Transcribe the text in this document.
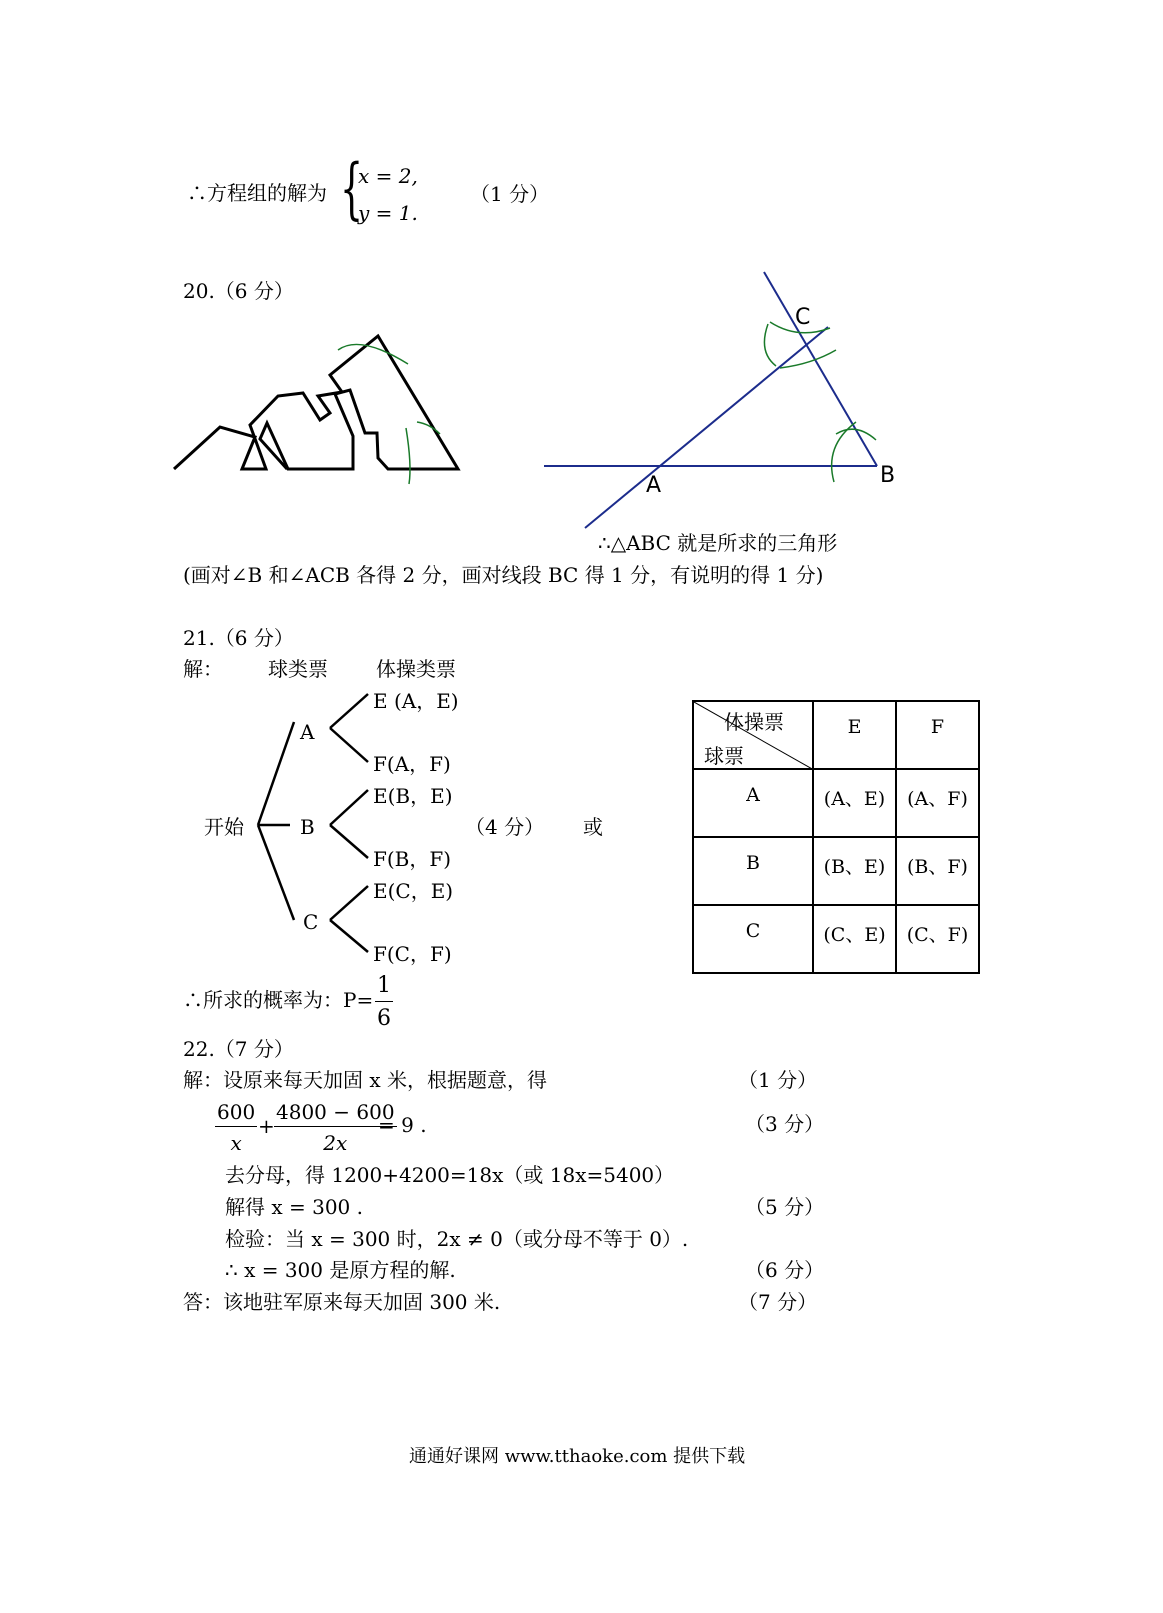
∴方程组的解为 {
x = 2,
y = 1.
（1 分）
20.（6 分）
C
A	B
∴△ABC 就是所求的三角形
(画对∠B 和∠ACB 各得 2 分，画对线段 BC 得 1 分，有说明的得 1 分)
21.（6 分）
解： 球类票 体操类票
开始
A
E (A，E)
F(A，F)
B
E(B，E)
F(B，F)
C
E(C，E)
F(C，F)
（4 分） 或
体操票
球票	E	F
A	(A、E)	(A、F)
B	(B、E)	(B、F)
C	(C、E)	(C、F)
∴所求的概率为：$P= \frac{1}{6}$
22.（7 分）
解：设原来每天加固 x 米，根据题意，得	（1 分）
$\frac{600}{x} + \frac{4800 - 600}{2x}$
= 9 .	（3 分）
去分母，得 1200+4200=18x（或 18x=5400）
解得 x = 300 .	（5 分）
检验：当 x = 300 时，2x ≠ 0（或分母不等于 0）.
∴ x = 300 是原方程的解.	（6 分）
答：该地驻军原来每天加固 300 米.	（7 分）
通通好课网 www.tthaoke.com 提供下载
